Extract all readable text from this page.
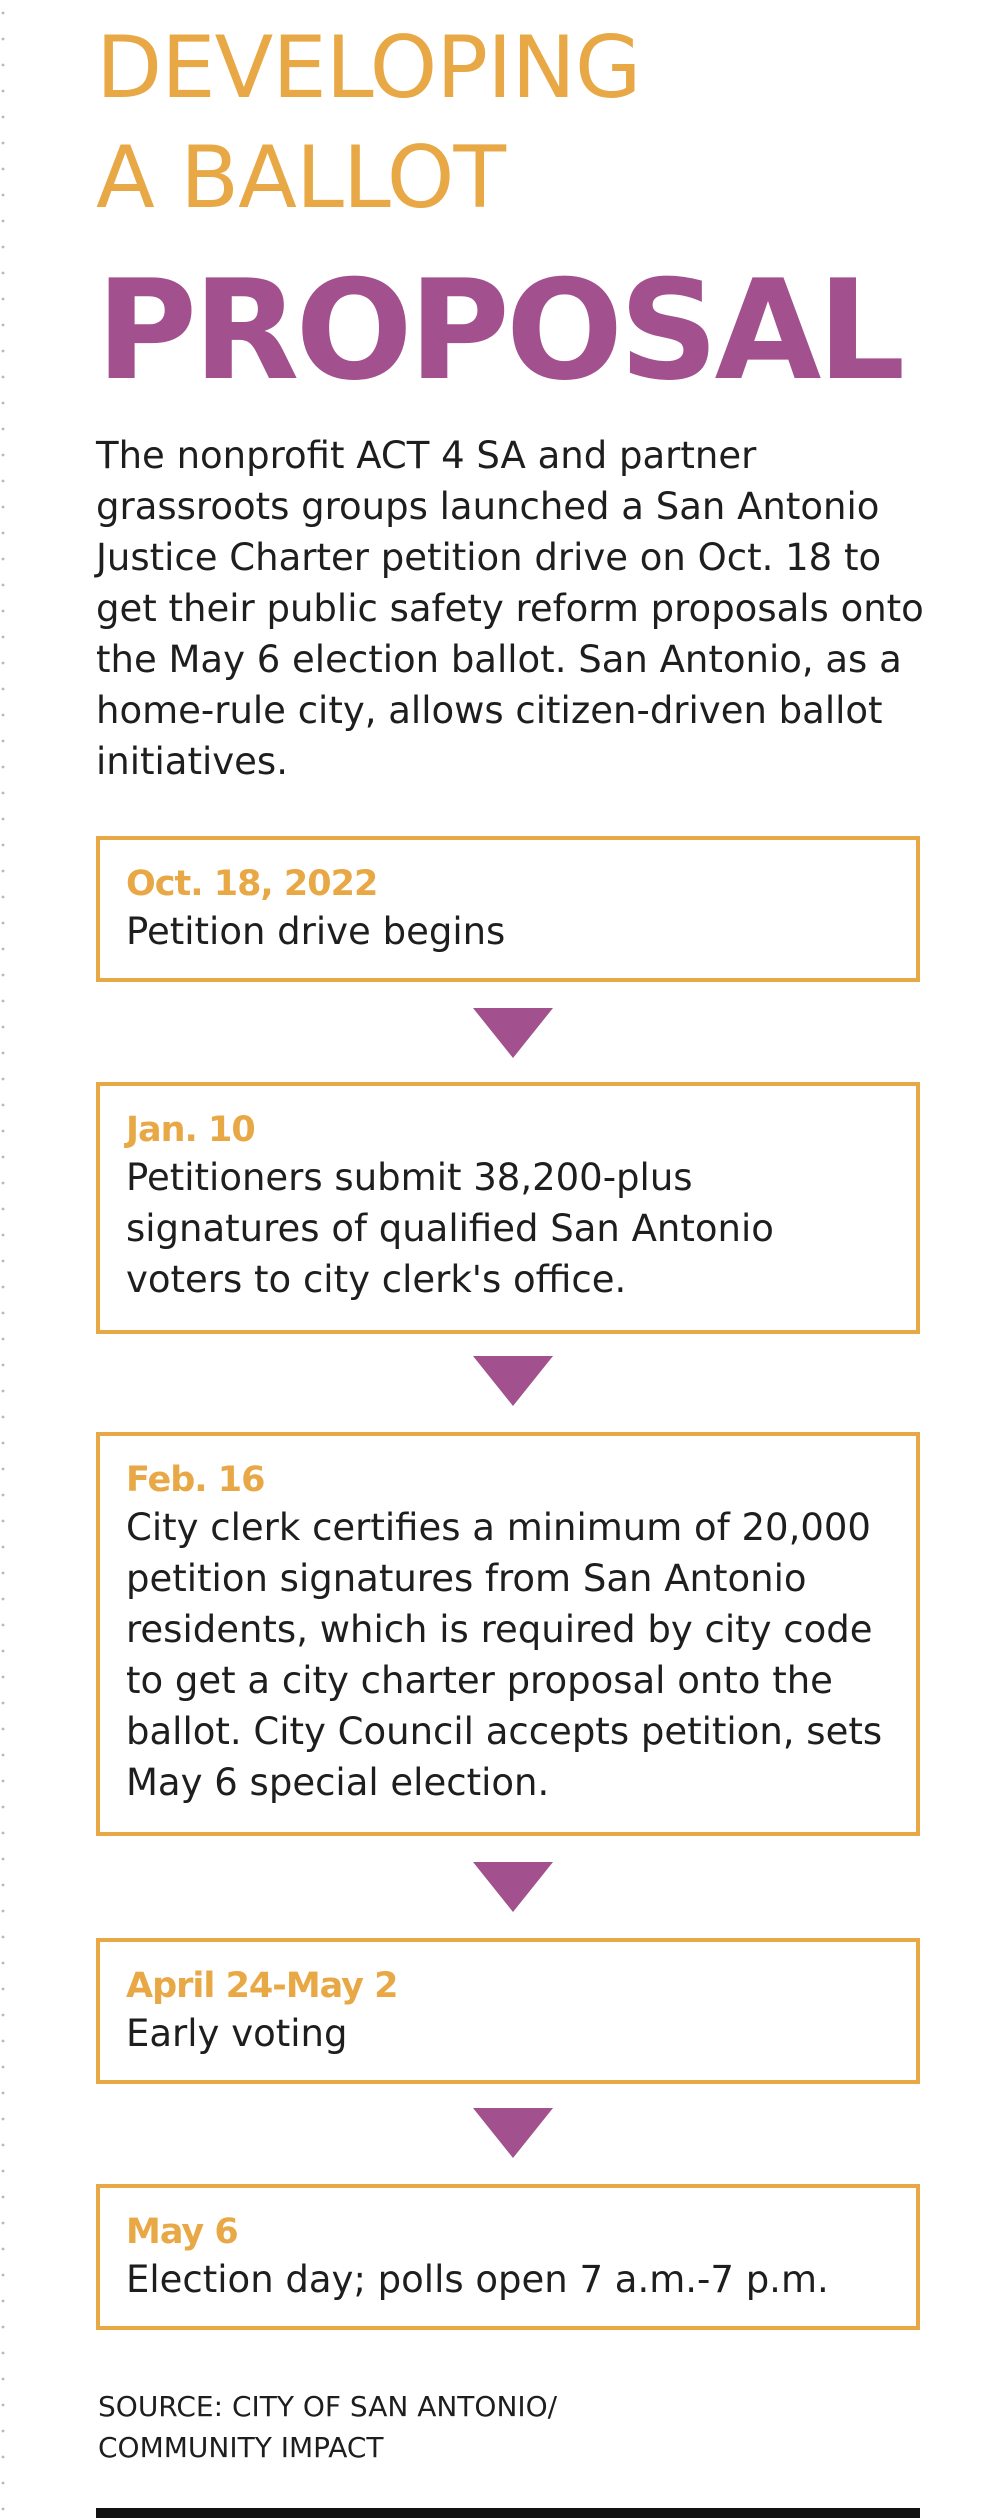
DEVELOPING
A BALLOT
PROPOSAL

The nonprofit ACT 4 SA and partner grassroots groups launched a San Antonio Justice Charter petition drive on Oct. 18 to get their public safety reform proposals onto the May 6 election ballot. San Antonio, as a home-rule city, allows citizen-driven ballot initiatives.

Oct. 18, 2022
Petition drive begins
Jan. 10
Petitioners submit 38,200-plus signatures of qualified San Antonio voters to city clerk's office.
Feb. 16
City clerk certifies a minimum of 20,000 petition signatures from San Antonio residents, which is required by city code to get a city charter proposal onto the ballot. City Council accepts petition, sets May 6 special election.
April 24-May 2
Early voting
May 6
Election day; polls open 7 a.m.-7 p.m.

SOURCE: CITY OF SAN ANTONIO/
COMMUNITY IMPACT
